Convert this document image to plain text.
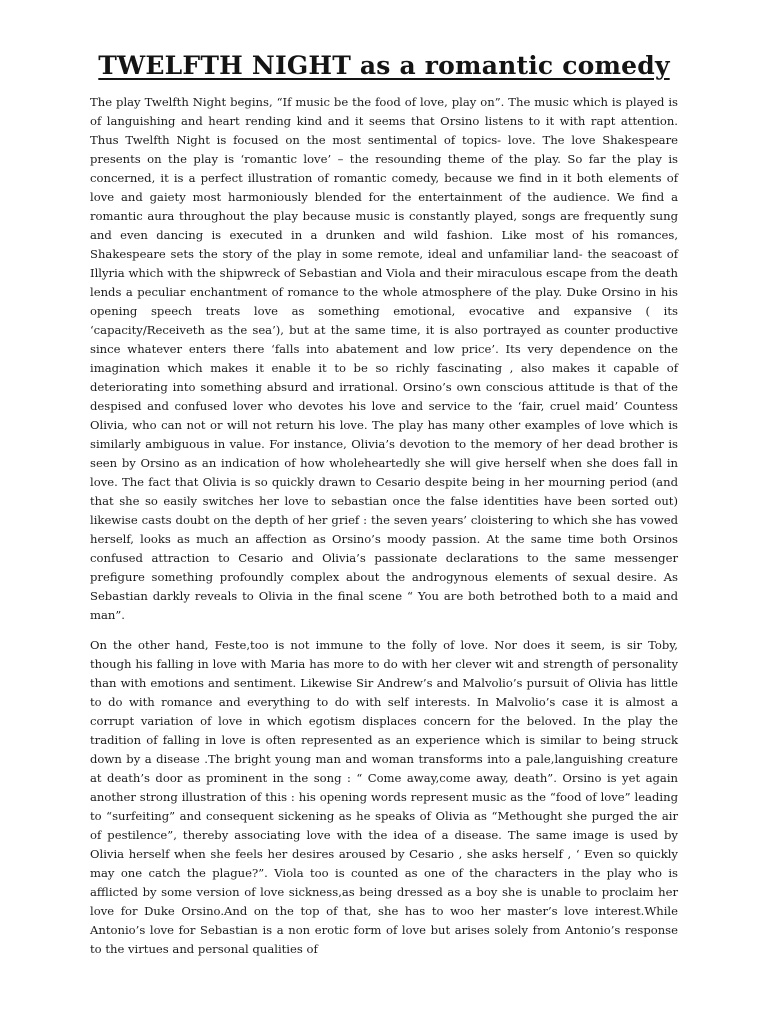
TWELFTH NIGHT as a romantic comedy

The play Twelfth Night begins, “If music be the food of love, play on”. The music which is played is of languishing and heart rending kind and it seems that Orsino listens to it with rapt attention. Thus Twelfth Night is focused on the most sentimental of topics- love. The love Shakespeare presents on the play is ‘romantic love’ – the resounding theme of the play. So far the play is concerned, it is a perfect illustration of romantic comedy, because we find in it both elements of love and gaiety most harmoniously blended for the entertainment of the audience. We find a romantic aura throughout the play because music is constantly played, songs are frequently sung and even dancing is executed in a drunken and wild fashion. Like most of his romances, Shakespeare sets the story of the play in some remote, ideal and unfamiliar land- the seacoast of Illyria which with the shipwreck of Sebastian and Viola and their miraculous escape from the death lends a peculiar enchantment of romance to the whole atmosphere of the play. Duke Orsino in his opening speech treats love as something emotional, evocative and expansive ( its ‘capacity/Receiveth as the sea’), but at the same time, it is also portrayed as counter productive since whatever enters there ‘falls into abatement and low price’. Its very dependence on the imagination which makes it enable it to be so richly fascinating , also makes it capable of deteriorating into something absurd and irrational. Orsino’s own conscious attitude is that of the despised and confused lover who devotes his love and service to the ‘fair, cruel maid’ Countess Olivia, who can not or will not return his love. The play has many other examples of love which is similarly ambiguous in value. For instance, Olivia’s devotion to the memory of her dead brother is seen by Orsino as an indication of how wholeheartedly she will give herself when she does fall in love. The fact that Olivia is so quickly drawn to Cesario despite being in her mourning period (and that she so easily switches her love to sebastian once the false identities have been sorted out) likewise casts doubt on the depth of her grief : the seven years’ cloistering to which she has vowed herself, looks as much an affection as Orsino’s moody passion. At the same time both Orsinos confused attraction to Cesario and Olivia’s passionate declarations to the same messenger prefigure something profoundly complex about the androgynous elements of sexual desire. As Sebastian darkly reveals to Olivia in the final scene “ You are both betrothed both to a maid and man”.

On the other hand, Feste,too is not immune to the folly of love. Nor does it seem, is sir Toby, though his falling in love with Maria has more to do with her clever wit and strength of personality than with emotions and sentiment. Likewise Sir Andrew’s and Malvolio’s pursuit of Olivia has little to do with romance and everything to do with self interests. In Malvolio’s case it is almost a corrupt variation of love in which egotism displaces concern for the beloved. In the play the tradition of falling in love is often represented as an experience which is similar to being struck down by a disease .The bright young man and woman transforms into a pale,languishing creature at death’s door as prominent in the song : “ Come away,come away, death”. Orsino is yet again another strong illustration of this : his opening words represent music as the “food of love” leading to “surfeiting” and consequent sickening as he speaks of Olivia as “Methought she purged the air of pestilence”, thereby associating love with the idea of a disease. The same image is used by Olivia herself when she feels her desires aroused by Cesario , she asks herself , ‘ Even so quickly may one catch the plague?”. Viola too is counted as one of the characters in the play who is afflicted by some version of love sickness,as being dressed as a boy she is unable to proclaim her love for Duke Orsino.And on the top of that, she has to woo her master’s love interest.While Antonio’s love for Sebastian is a non erotic form of love but arises solely from Antonio’s response to the virtues and personal qualities of
